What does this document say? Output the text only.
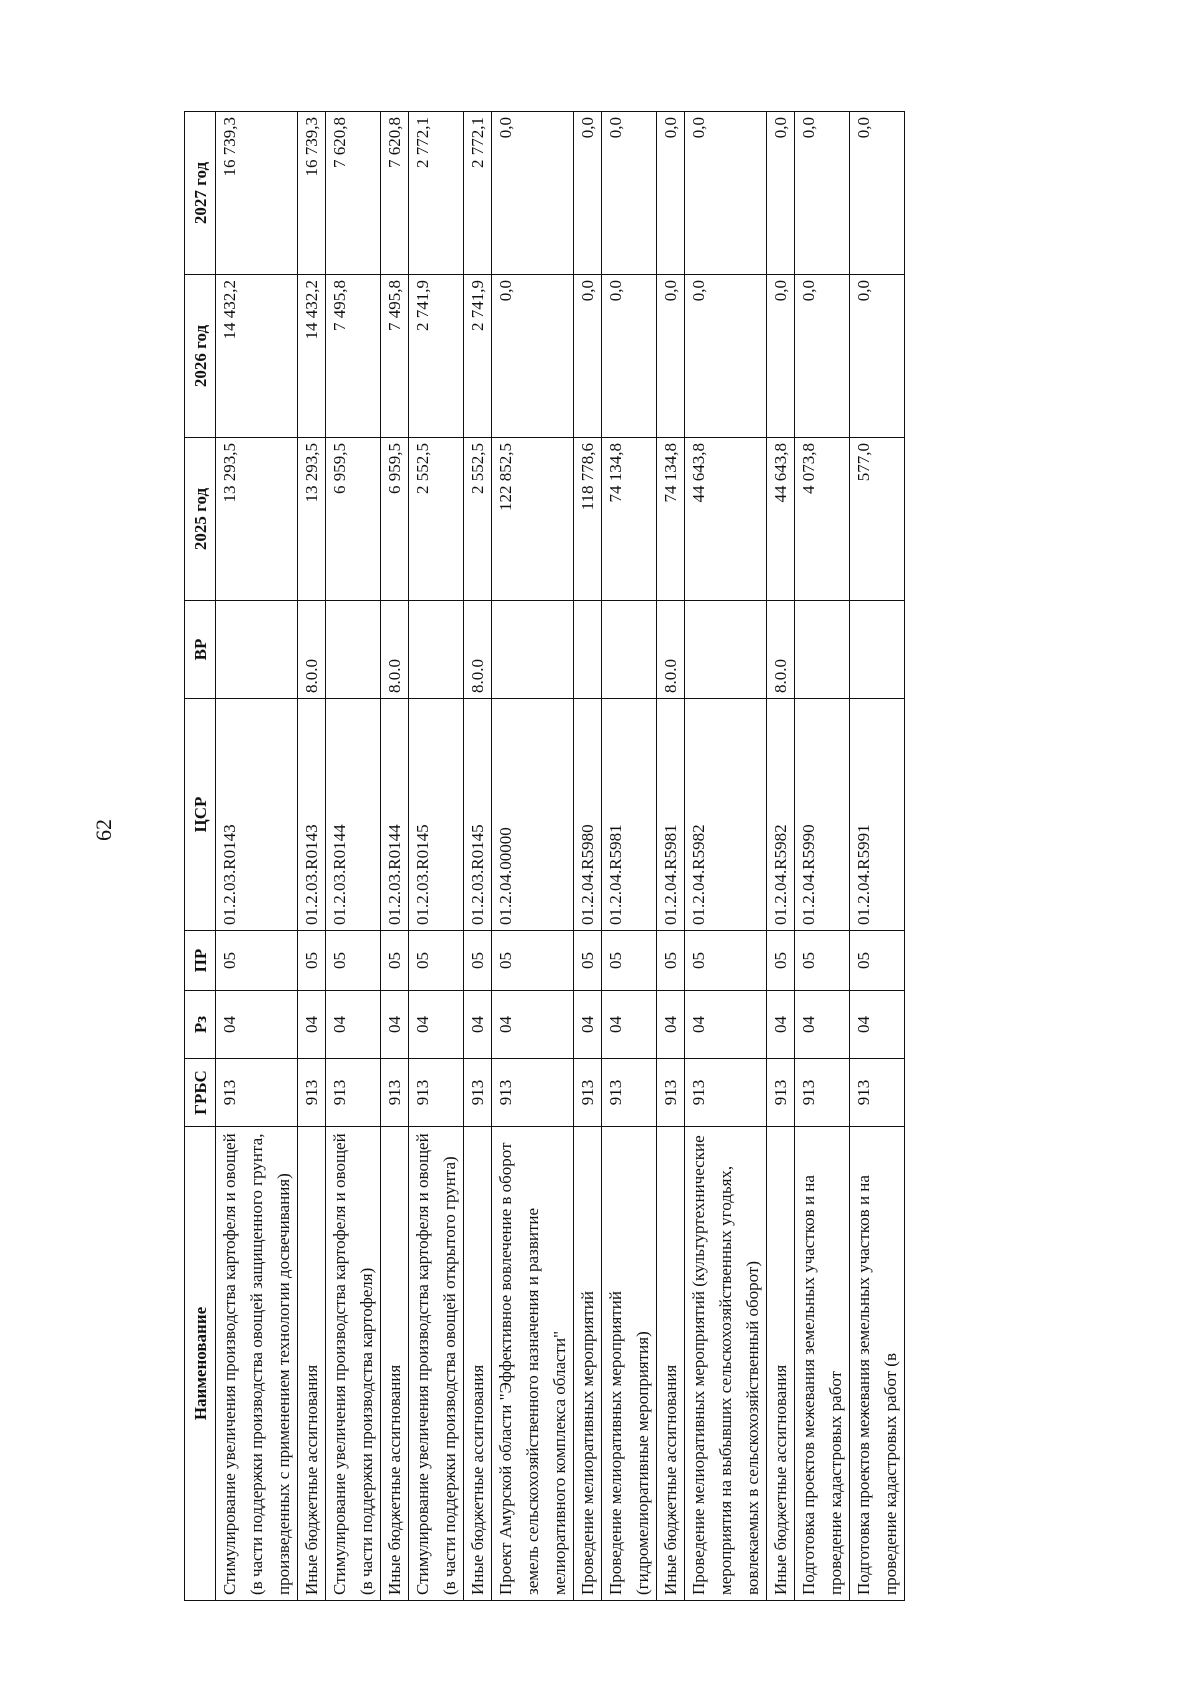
62
Наименование	ГРБС	Рз	ПР	ЦСР	ВР	2025 год	2026 год	2027 год
Стимулирование увеличения производства картофеля и овощей (в части поддержки производства овощей защищенного грунта, произведенных с применением технологии досвечивания)	913	04	05	01.2.03.R0143		13 293,5	14 432,2	16 739,3
Иные бюджетные ассигнования	913	04	05	01.2.03.R0143	8.0.0	13 293,5	14 432,2	16 739,3
Стимулирование увеличения производства картофеля и овощей (в части поддержки производства картофеля)	913	04	05	01.2.03.R0144		6 959,5	7 495,8	7 620,8
Иные бюджетные ассигнования	913	04	05	01.2.03.R0144	8.0.0	6 959,5	7 495,8	7 620,8
Стимулирование увеличения производства картофеля и овощей (в части поддержки производства овощей открытого грунта)	913	04	05	01.2.03.R0145		2 552,5	2 741,9	2 772,1
Иные бюджетные ассигнования	913	04	05	01.2.03.R0145	8.0.0	2 552,5	2 741,9	2 772,1
Проект Амурской области "Эффективное вовлечение в оборот земель сельскохозяйственного назначения и развитие мелиоративного комплекса области"	913	04	05	01.2.04.00000		122 852,5	0,0	0,0
Проведение мелиоративных мероприятий	913	04	05	01.2.04.R5980		118 778,6	0,0	0,0
Проведение мелиоративных мероприятий (гидромелиоративные мероприятия)	913	04	05	01.2.04.R5981		74 134,8	0,0	0,0
Иные бюджетные ассигнования	913	04	05	01.2.04.R5981	8.0.0	74 134,8	0,0	0,0
Проведение мелиоративных мероприятий (культуртехнические мероприятия на выбывших сельскохозяйственных угодьях, вовлекаемых в сельскохозяйственный оборот)	913	04	05	01.2.04.R5982		44 643,8	0,0	0,0
Иные бюджетные ассигнования	913	04	05	01.2.04.R5982	8.0.0	44 643,8	0,0	0,0
Подготовка проектов межевания земельных участков и на проведение кадастровых работ	913	04	05	01.2.04.R5990		4 073,8	0,0	0,0
Подготовка проектов межевания земельных участков и на проведение кадастровых работ (в	913	04	05	01.2.04.R5991		577,0	0,0	0,0
